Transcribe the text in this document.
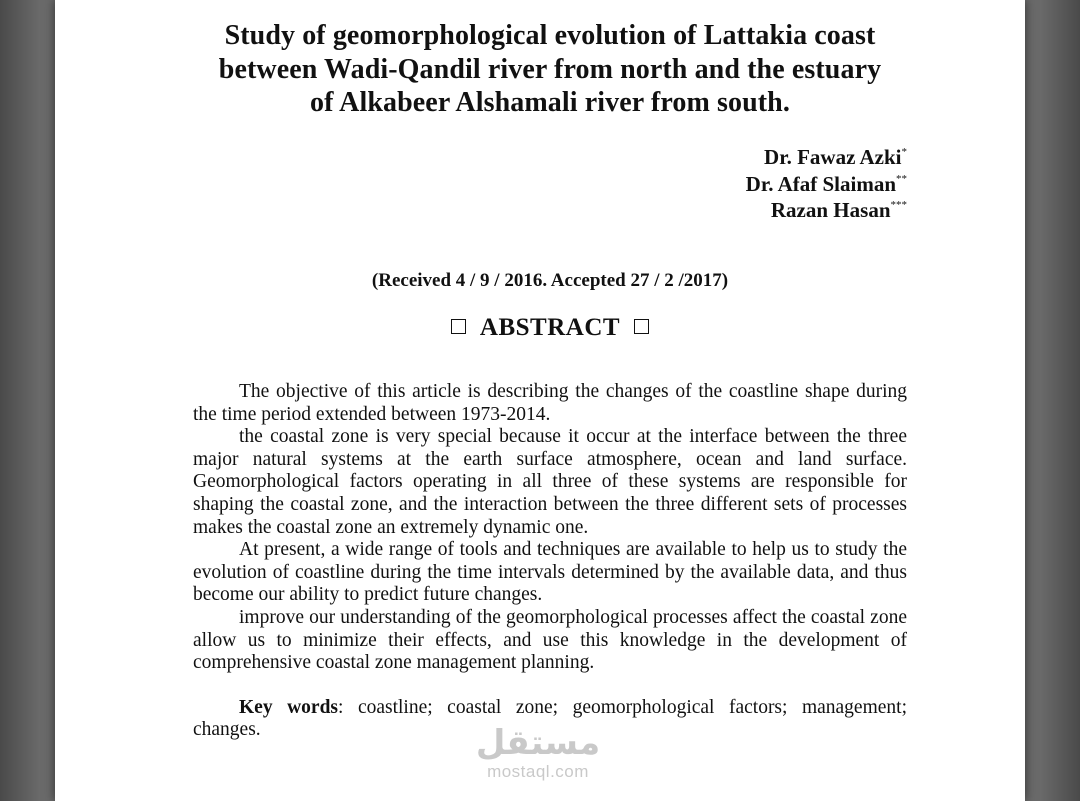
Study of geomorphological evolution of Lattakia coast
between Wadi-Qandil river from north and the estuary
of Alkabeer Alshamali river from south.
Dr. Fawaz Azki*
Dr. Afaf Slaiman**
Razan Hasan***
(Received 4 / 9 / 2016. Accepted 27 / 2 /2017)
ABSTRACT

The objective of this article is describing the changes of the coastline shape during the time period extended between 1973-2014.

the coastal zone is very special because it occur at the interface between the three major natural systems at the earth surface atmosphere, ocean and land surface. Geomorphological factors operating in all three of these systems are responsible for shaping the coastal zone, and the interaction between the three different sets of processes makes the coastal zone an extremely dynamic one.

At present, a wide range of tools and techniques are available to help us to study the evolution of coastline during the time intervals determined by the available data, and thus become our ability to predict future changes.

improve our understanding of the geomorphological processes affect the coastal zone allow us to minimize their effects, and use this knowledge in the development of comprehensive coastal zone management planning.

Key words: coastline; coastal zone; geomorphological factors; management; changes.	مستقل
mostaql.com
